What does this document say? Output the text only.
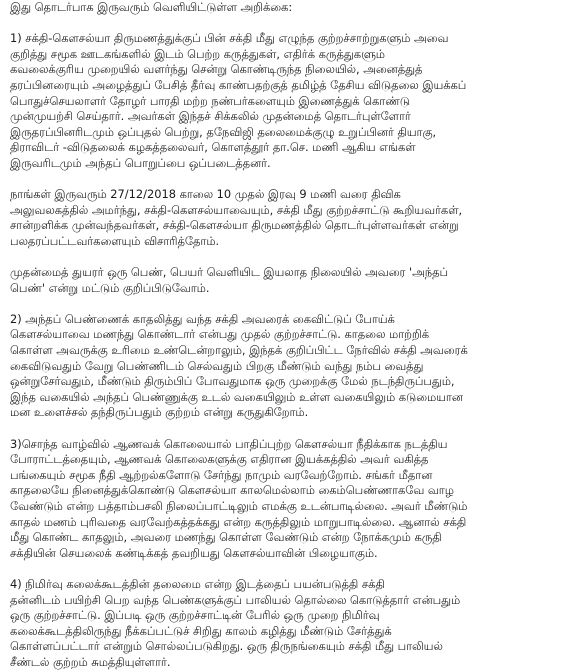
இது தொடர்பாக இருவரும் வெளியிட்டுள்ள அறிக்கை:
1) சக்தி-கௌசல்யா திருமணத்துக்குப் பின் சக்தி மீது எழுந்த குற்றச்சாற்றுகளும் அவை
குறித்து சமூக ஊடகங்களில் இடம் பெற்ற கருத்துகள், எதிர்க் கருத்துகளும்
கவலைக்குரிய முறையில் வளர்ந்து சென்று கொண்டிருந்த நிலையில், அனைத்துத்
தரப்பினரையும் அழைத்துப் பேசித் தீர்வு காண்பதற்குத் தமிழ்த் தேசிய விடுதலை இயக்கப்
பொதுச்செயலாளர் தோழர் பாரதி மற்ற நண்பர்களையும் இணைத்துக் கொண்டு
முன்முயற்சி செய்தார். அவர்கள் இந்தச் சிக்கலில் முதன்மைத் தொடர்புள்ளோர்
இருதரப்பினரிடமும் ஒப்புதல் பெற்று, தநேவிஜி தலைமைக்குழு உறுப்பினர் தியாகு,
திராவிடர் -விடுதலைக் கழகத்தலைவர், கொளத்தூர் தா.செ. மணி ஆகிய எங்கள்
இருவரிடமும் அந்தப் பொறுப்பை ஒப்படைத்தனர்.
நாங்கள் இருவரும் 27/12/2018 காலை 10 முதல் இரவு 9 மணி வரை திவிக
அலுவலகத்தில் அமர்ந்து, சக்தி-கௌசல்யாவையும், சக்தி மீது குற்றச்சாட்டு கூறியவர்கள்,
சான்றளிக்க முன்வந்தவர்கள், சக்தி-கௌசல்யா திருமணத்தில் தொடர்புள்ளவர்கள் என்று
பலதரப்பட்டவர்களையும் விசாரித்தோம்.
முதன்மைத் துயரர் ஒரு பெண், பெயர் வெளியிட இயலாத நிலையில் அவரை 'அந்தப்
பெண்' என்று மட்டும் குறிப்பிடுவோம்.
2) அந்தப் பெண்ணைக் காதலித்து வந்த சக்தி அவரைக் கைவிட்டுப் போய்க்
கௌசல்யாவை மணந்து கொண்டார் என்பது முதல் குற்றச்சாட்டு. காதலை மாற்றிக்
கொள்ள அவருக்கு உரிமை உண்டென்றாலும், இந்தக் குறிப்பிட்ட நேர்வில் சக்தி அவரைக்
கைவிடுவதும் வேறு பெண்ணிடம் செல்வதும் பிறகு மீண்டும் வந்து நம்ப வைத்து
ஒன்றுசேர்வதும், மீண்டும் திரும்பிப் போவதுமாக ஒரு முறைக்கு மேல் நடந்திருப்பதும்,
இந்த வகையில் அந்தப் பெண்ணுக்கு உடல் வகையிலும் உள்ள வகையிலும் கடுமையான
மன உளைச்சல் தந்திருப்பதும் குற்றம் என்று கருதுகிறோம்.
3)சொந்த வாழ்வில் ஆணவக் கொலையால் பாதிப்புற்ற கௌசல்யா நீதிக்காக நடத்திய
போராட்டத்தையும், ஆணவக் கொலைகளுக்கு எதிரான இயக்கத்தில் அவர் வகித்த
பங்கையும் சமூக நீதி ஆற்றல்களோடு சேர்ந்து நாமும் வரவேற்றோம். சங்கர் மீதான
காதலையே நினைத்துக்கொண்டு கௌசல்யா காலமெல்லாம் கைம்பெண்ணாகவே வாழ
வேண்டும் என்ற பத்தாம்பசலி நிலைப்பாட்டிலும் எமக்கு உடன்பாடில்லை. அவர் மீண்டும்
காதல் மணம் புரிவதை வரவேற்கத்தக்கது என்ற கருத்திலும் மாறுபாடில்லை. ஆனால் சக்தி
மீது கொண்ட காதலும், அவரை மணந்து கொள்ள வேண்டும் என்ற நோக்கமும் கருதி
சக்தியின் செயலைக் கண்டிக்கத் தவறியது கௌசல்யாவின் பிழையாகும்.
4) நிமிர்வு கலைக்கூடத்தின் தலைமை என்ற இடத்தைப் பயன்படுத்தி சக்தி
தன்னிடம் பயிற்சி பெற வந்த பெண்களுக்குப் பாலியல் தொல்லை கொடுத்தார் என்பதும்
ஒரு குற்றச்சாட்டு. இப்படி ஒரு குற்றச்சாட்டின் பேரில் ஒரு முறை நிமிர்வு
கலைக்கூடத்திலிருந்து நீக்கப்பட்டுச் சிறிது காலம் கழித்து மீண்டும் சேர்த்துக்
கொள்ளப்பட்டார் என்றும் சொல்லப்படுகிறது. ஒரு திருநங்கையும் சக்தி மீது பாலியல்
சீண்டல் குற்றம் சுமத்தியுள்ளார்.
